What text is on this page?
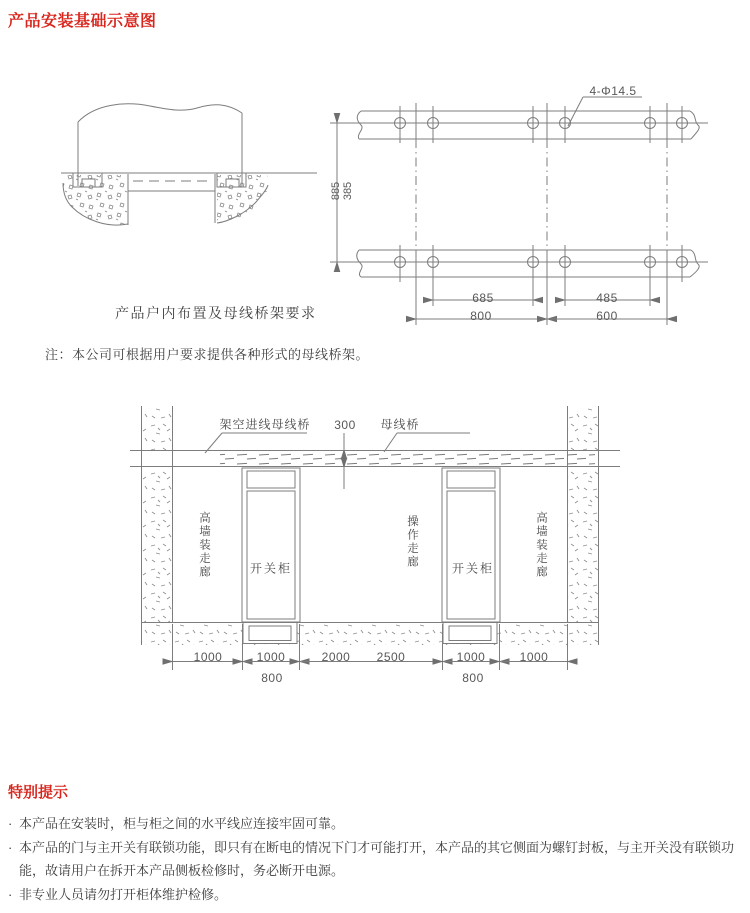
产品安装基础示意图
4-Φ14.5
885 385
685
800
485
600
产品户内布置及母线桥架要求
注：本公司可根据用户要求提供各种形式的母线桥架。
架空进线母线桥 300 母线桥
高墙装走廊	开关柜	操作走廊	开关柜	高墙装走廊
1000	1000	2000 2500	1000	1000
800	800
特别提示
· 本产品在安装时，柜与柜之间的水平线应连接牢固可靠。
· 本产品的门与主开关有联锁功能，即只有在断电的情况下门才可能打开，本产品的其它侧面为螺钉封板，与主开关没有联锁功能，故请用户在拆开本产品侧板检修时，务必断开电源。
· 非专业人员请勿打开柜体维护检修。
